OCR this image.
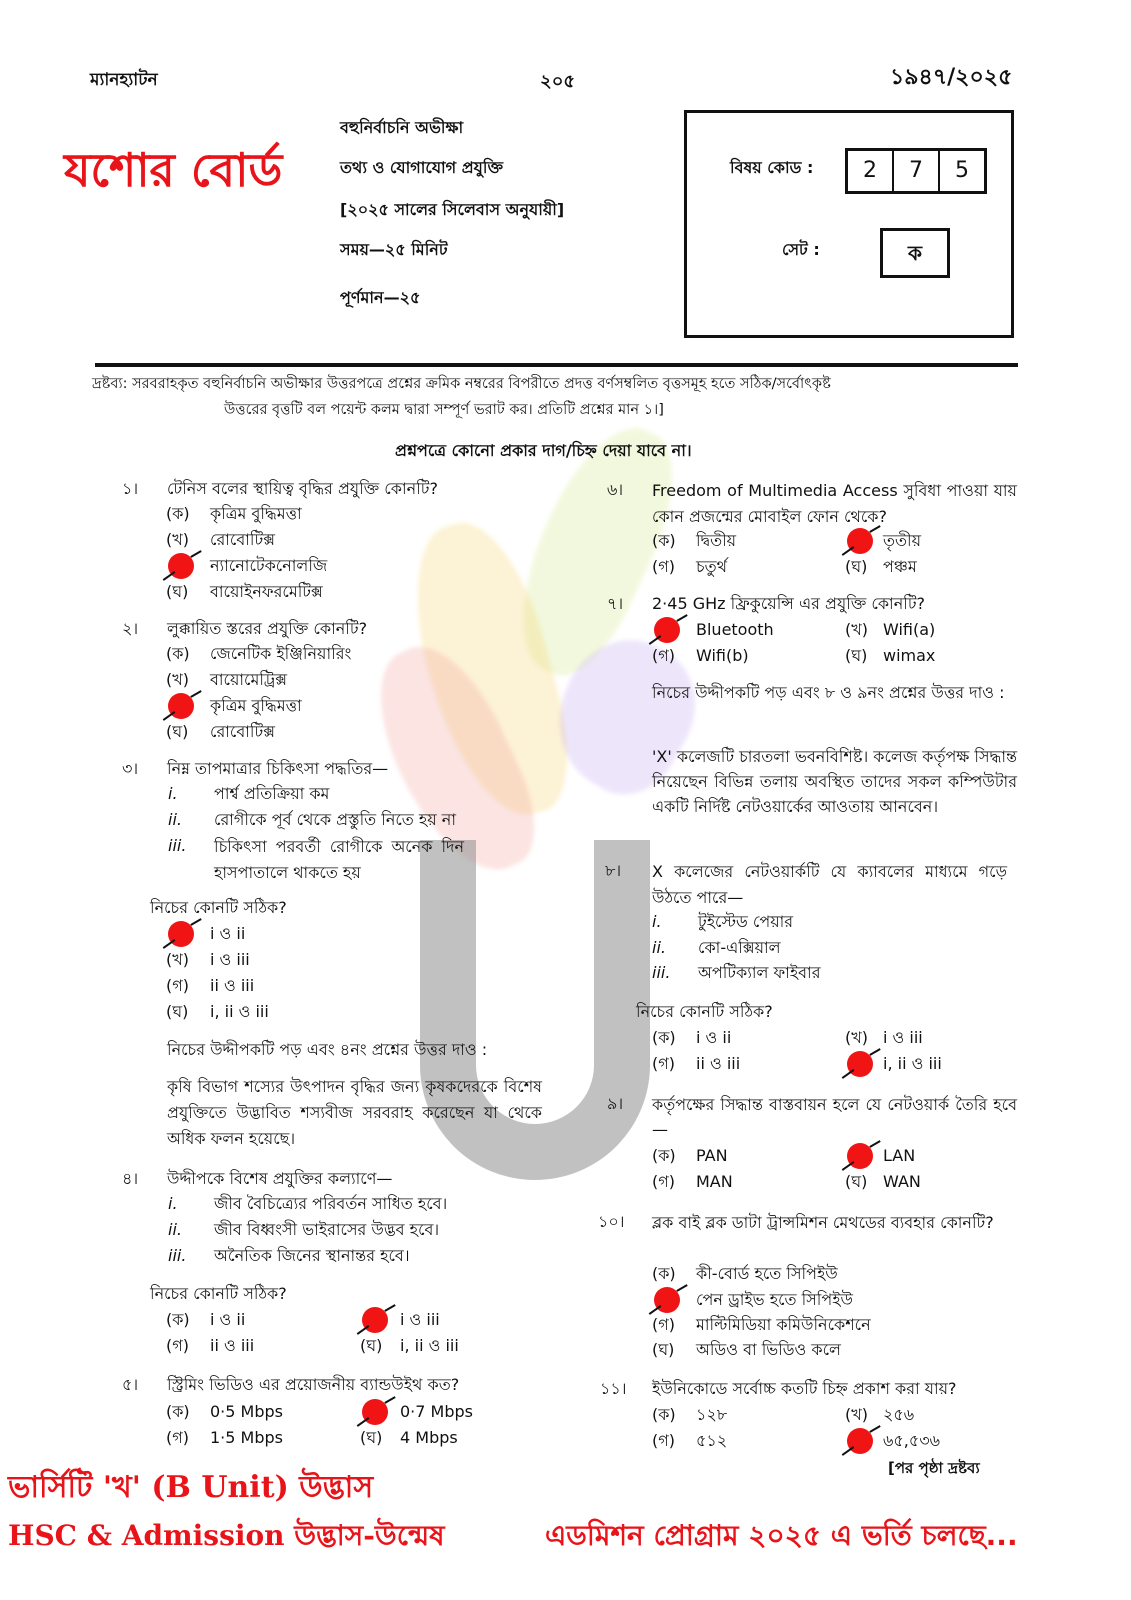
ম্যানহ্যাটন	২০৫	১৯৪৭/২০২৫
যশোর বোর্ড
বহুনির্বাচনি অভীক্ষা
তথ্য ও যোগাযোগ প্রযুক্তি
[২০২৫ সালের সিলেবাস অনুযায়ী]
সময়—২৫ মিনিট
পূর্ণমান—২৫
বিষয় কোড :	2	7	5
সেট :	ক
দ্রষ্টব্য: সরবরাহকৃত বহুনির্বাচনি অভীক্ষার উত্তরপত্রে প্রশ্নের ক্রমিক নম্বরের বিপরীতে প্রদত্ত বর্ণসম্বলিত বৃত্তসমূহ হতে সঠিক/সর্বোৎকৃষ্ট
উত্তরের বৃত্তটি বল পয়েন্ট কলম দ্বারা সম্পূর্ণ ভরাট কর। প্রতিটি প্রশ্নের মান ১।]
প্রশ্নপত্রে কোনো প্রকার দাগ/চিহ্ন দেয়া যাবে না।
১। টেনিস বলের স্থায়িত্ব বৃদ্ধির প্রযুক্তি কোনটি?
(ক) কৃত্রিম বুদ্ধিমত্তা
(খ) রোবোটিক্স
ন্যানোটেকনোলজি
(ঘ) বায়োইনফরমেটিক্স
২। লুক্কায়িত স্তরের প্রযুক্তি কোনটি?
(ক) জেনেটিক ইঞ্জিনিয়ারিং
(খ) বায়োমেট্রিক্স
কৃত্রিম বুদ্ধিমত্তা
(ঘ) রোবোটিক্স
৩। নিম্ন তাপমাত্রার চিকিৎসা পদ্ধতির—
i. পার্শ্ব প্রতিক্রিয়া কম
ii. রোগীকে পূর্ব থেকে প্রস্তুতি নিতে হয় না
iii. চিকিৎসা পরবর্তী রোগীকে অনেক দিন হাসপাতালে থাকতে হয়
নিচের কোনটি সঠিক?
i ও ii
(খ) i ও iii
(গ) ii ও iii
(ঘ) i, ii ও iii
নিচের উদ্দীপকটি পড় এবং ৪নং প্রশ্নের উত্তর দাও :
কৃষি বিভাগ শস্যের উৎপাদন বৃদ্ধির জন্য কৃষকদেরকে বিশেষ প্রযুক্তিতে উদ্ভাবিত শস্যবীজ সরবরাহ করেছেন যা থেকে অধিক ফলন হয়েছে।
৪। উদ্দীপকে বিশেষ প্রযুক্তির কল্যাণে—
i. জীব বৈচিত্র্যের পরিবর্তন সাধিত হবে।
ii. জীব বিধ্বংসী ভাইরাসের উদ্ভব হবে।
iii. অনৈতিক জিনের স্থানান্তর হবে।
নিচের কোনটি সঠিক?
(ক) i ও ii	i ও iii
(গ) ii ও iii	(ঘ) i, ii ও iii
৫। স্ট্রিমিং ভিডিও এর প্রয়োজনীয় ব্যান্ডউইথ কত?
(ক) 0·5 Mbps	0·7 Mbps
(গ) 1·5 Mbps	(ঘ) 4 Mbps
৬। Freedom of Multimedia Access সুবিধা পাওয়া যায় কোন প্রজন্মের মোবাইল ফোন থেকে?
(ক) দ্বিতীয়	তৃতীয়
(গ) চতুর্থ	(ঘ) পঞ্চম
৭। 2·45 GHz ফ্রিকুয়েন্সি এর প্রযুক্তি কোনটি?
Bluetooth	(খ) Wifi(a)
(গ) Wifi(b)	(ঘ) wimax
নিচের উদ্দীপকটি পড় এবং ৮ ও ৯নং প্রশ্নের উত্তর দাও :
'X' কলেজটি চারতলা ভবনবিশিষ্ট। কলেজ কর্তৃপক্ষ সিদ্ধান্ত নিয়েছেন বিভিন্ন তলায় অবস্থিত তাদের সকল কম্পিউটার একটি নির্দিষ্ট নেটওয়ার্কের আওতায় আনবেন।
৮। X কলেজের নেটওয়ার্কটি যে ক্যাবলের মাধ্যমে গড়ে উঠতে পারে—
i. টুইস্টেড পেয়ার
ii. কো-এক্সিয়াল
iii. অপটিক্যাল ফাইবার
নিচের কোনটি সঠিক?
(ক) i ও ii	(খ) i ও iii
(গ) ii ও iii	i, ii ও iii
৯। কর্তৃপক্ষের সিদ্ধান্ত বাস্তবায়ন হলে যে নেটওয়ার্ক তৈরি হবে—
(ক) PAN	LAN
(গ) MAN	(ঘ) WAN
১০। ব্লক বাই ব্লক ডাটা ট্রান্সমিশন মেথডের ব্যবহার কোনটি?
(ক) কী-বোর্ড হতে সিপিইউ
পেন ড্রাইভ হতে সিপিইউ
(গ) মাল্টিমিডিয়া কমিউনিকেশনে
(ঘ) অডিও বা ভিডিও কলে
১১। ইউনিকোডে সর্বোচ্চ কতটি চিহ্ন প্রকাশ করা যায়?
(ক) ১২৮	(খ) ২৫৬
(গ) ৫১২	৬৫,৫৩৬
[পর পৃষ্ঠা দ্রষ্টব্য
ভার্সিটি 'খ' (B Unit) উদ্ভাস
HSC & Admission উদ্ভাস-উন্মেষ	এডমিশন প্রোগ্রাম ২০২৫ এ ভর্তি চলছে...
